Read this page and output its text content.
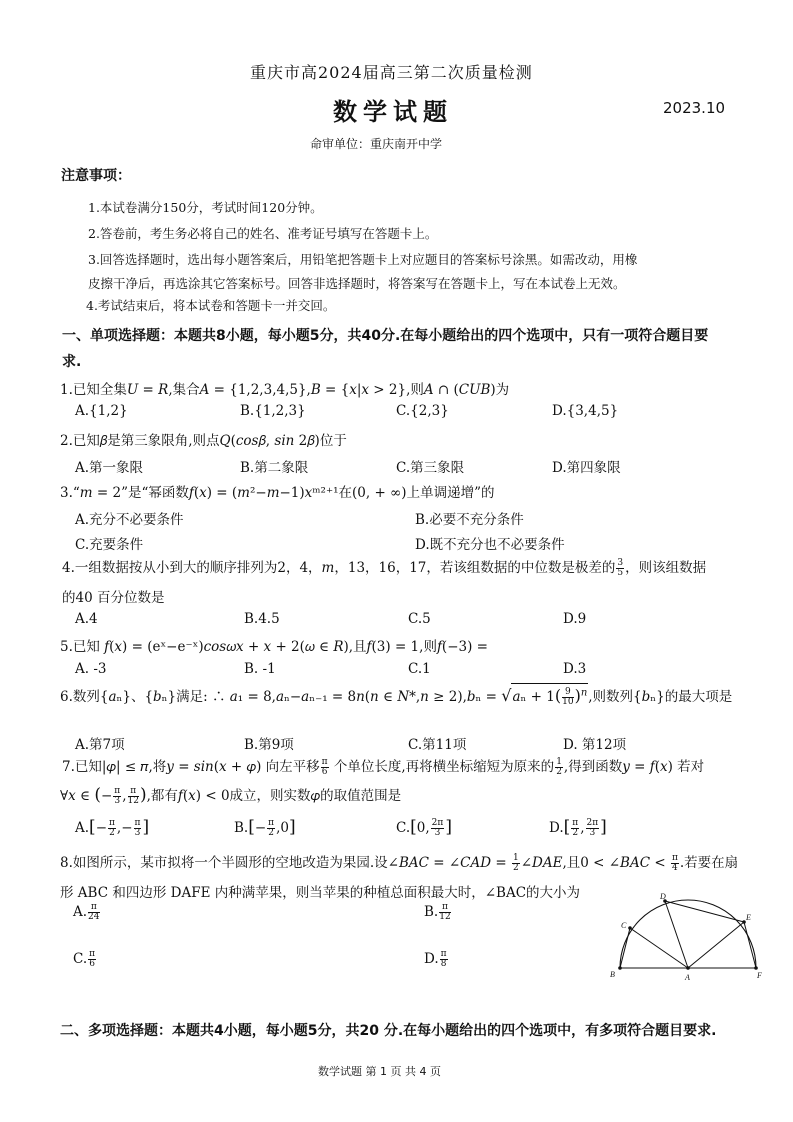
重庆市高2024届高三第二次质量检测
数学试题	2023.10
命审单位：重庆南开中学
注意事项：
1.本试卷满分150分，考试时间120分钟。
2.答卷前，考生务必将自己的姓名、准考证号填写在答题卡上。
3.回答选择题时，选出每小题答案后，用铅笔把答题卡上对应题目的答案标号涂黑。如需改动，用橡
皮擦干净后，再选涂其它答案标号。回答非选择题时，将答案写在答题卡上，写在本试卷上无效。
4.考试结束后，将本试卷和答题卡一并交回。
一、单项选择题：本题共8小题，每小题5分，共40分.在每小题给出的四个选项中，只有一项符合题目要
求.
1.已知全集𝑈 = 𝑅,集合𝐴 = {1,2,3,4,5},𝐵 = {𝑥|𝑥 > 2},则𝐴 ∩ (𝐶𝑈𝐵)为
A.{1,2}	B.{1,2,3}	C.{2,3}	D.{3,4,5}
2.已知𝛽是第三象限角,则点𝑄(𝑐𝑜𝑠𝛽, 𝑠𝑖𝑛 2𝛽)位于
A.第一象限	B.第二象限	C.第三象限	D.第四象限
3.“𝑚 = 2”是“幂函数𝑓(𝑥) = (𝑚²−𝑚−1)𝑥ᵐ²⁺¹在(0, + ∞)上单调递增”的
A.充分不必要条件	B.必要不充分条件
C.充要条件	D.既不充分也不必要条件
4.一组数据按从小到大的顺序排列为2，4，𝑚，13，16，17，若该组数据的中位数是极差的 $\frac{3}{5}$ ，则该组数据
的40 百分位数是
A.4	B.4.5	C.5	D.9
5.已知 𝑓(𝑥) = (eˣ−e⁻ˣ)𝑐𝑜𝑠𝜔𝑥 + 𝑥 + 2(𝜔 ∈ 𝑅),且𝑓(3) = 1,则𝑓(−3) =
A. -3	B. -1	C.1	D.3
6.数列{𝑎ₙ}、{𝑏ₙ}满足: ∴ 𝑎₁ = 8,𝑎ₙ−𝑎ₙ₋₁ = 8𝑛(𝑛 ∈ 𝑁*,𝑛 ≥ 2),𝑏ₙ = √𝑎ₙ + $1( \frac{9}{10} )^𝑛$,则数列{𝑏ₙ}的最大项是
A.第7项	B.第9项	C.第11项	D. 第12项
7.已知|𝜑| ≤ 𝜋,将𝑦 = 𝑠𝑖𝑛(𝑥 + 𝜑) 向左平移 $\frac{\pi}{6}$ 个单位长度,再将横坐标缩短为原来的 $\frac{1}{2}$ ,得到函数𝑦 = 𝑓(𝑥) 若对
∀𝑥 ∈ (− $\frac{\pi}{3}$ , $\frac{\pi}{12}$ ),都有𝑓(𝑥) < 0成立，则实数𝜑的取值范围是
$A.[- \frac{\pi}{2}$ ,− $\frac{\pi}{3}$ ]	$B.[- \frac{\pi}{2} ,0]$	C.[0, $\frac{2\pi}{3}$ ]	$D.[ \frac{\pi}{2}$ , $\frac{2\pi}{3}$ ]
8.如图所示，某市拟将一个半圆形的空地改造为果园.设∠𝐵𝐴𝐶 = ∠𝐶𝐴𝐷 = $\frac{1}{2}$ ∠𝐷𝐴𝐸,且0 < ∠𝐵𝐴𝐶 < $\frac{\pi}{4}$ .若要在扇
形 ABC 和四边形 DAFE 内种满苹果，则当苹果的种植总面积最大时，∠BAC的大小为
A. $\frac{\pi}{24}$	B. $\frac{\pi}{12}$
C. $\frac{\pi}{6}$	D. $\frac{\pi}{8}$
B
C
D
E
A	F
二、多项选择题：本题共4小题，每小题5分，共20 分.在每小题给出的四个选项中，有多项符合题目要求.
数学试题 第 1 页 共 4 页
